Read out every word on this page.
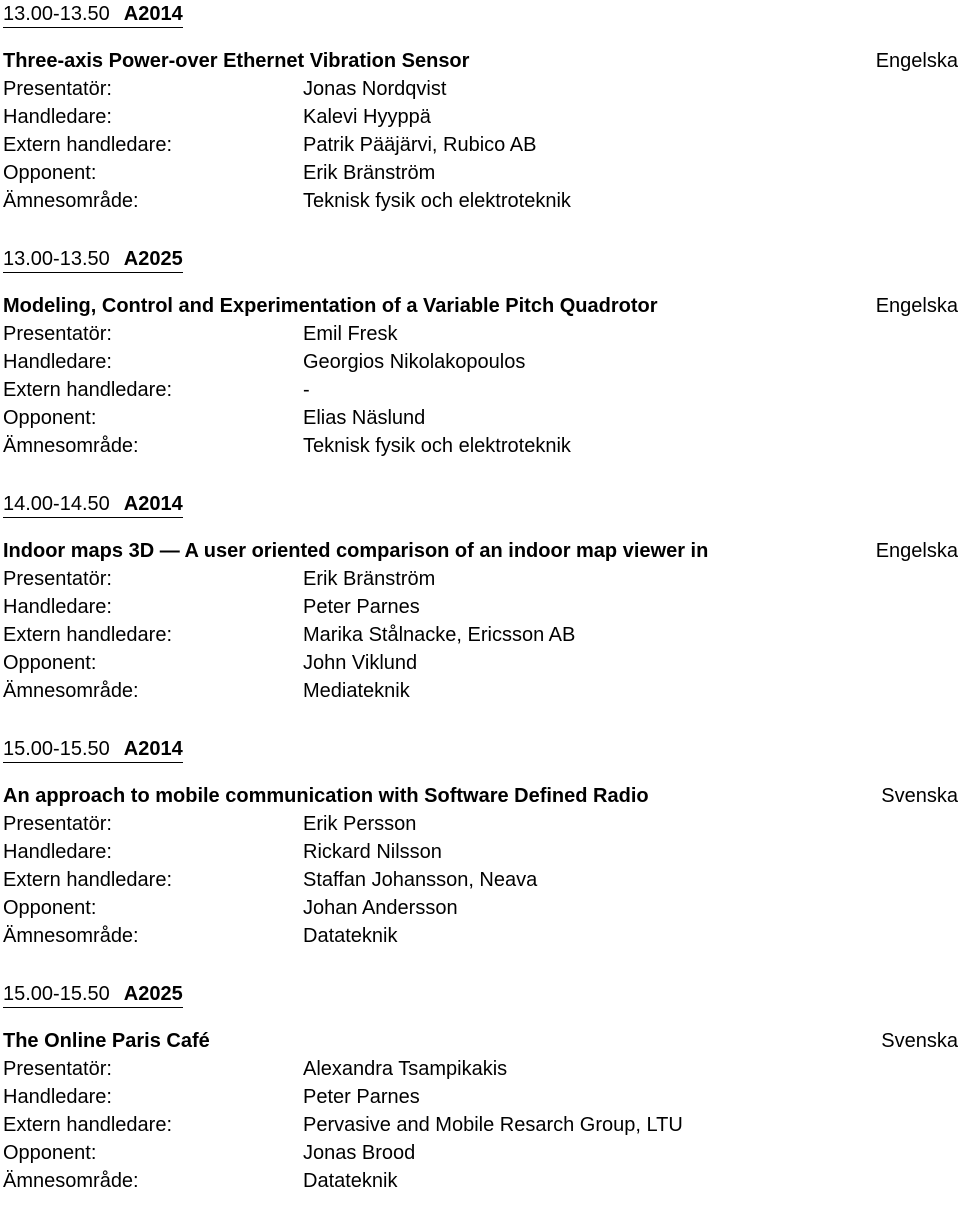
13.00-13.50 A2014
Three-axis Power-over Ethernet Vibration Sensor	Engelska
Presentatör:	Jonas Nordqvist
Handledare:	Kalevi Hyyppä
Extern handledare:	Patrik Pääjärvi, Rubico AB
Opponent:	Erik Bränström
Ämnesområde:	Teknisk fysik och elektroteknik
13.00-13.50 A2025
Modeling, Control and Experimentation of a Variable Pitch Quadrotor	Engelska
Presentatör:	Emil Fresk
Handledare:	Georgios Nikolakopoulos
Extern handledare:	-
Opponent:	Elias Näslund
Ämnesområde:	Teknisk fysik och elektroteknik
14.00-14.50 A2014
Indoor maps 3D — A user oriented comparison of an indoor map viewer in	Engelska
Presentatör:	Erik Bränström
Handledare:	Peter Parnes
Extern handledare:	Marika Stålnacke, Ericsson AB
Opponent:	John Viklund
Ämnesområde:	Mediateknik
15.00-15.50 A2014
An approach to mobile communication with Software Defined Radio	Svenska
Presentatör:	Erik Persson
Handledare:	Rickard Nilsson
Extern handledare:	Staffan Johansson, Neava
Opponent:	Johan Andersson
Ämnesområde:	Datateknik
15.00-15.50 A2025
The Online Paris Café	Svenska
Presentatör:	Alexandra Tsampikakis
Handledare:	Peter Parnes
Extern handledare:	Pervasive and Mobile Resarch Group, LTU
Opponent:	Jonas Brood
Ämnesområde:	Datateknik
